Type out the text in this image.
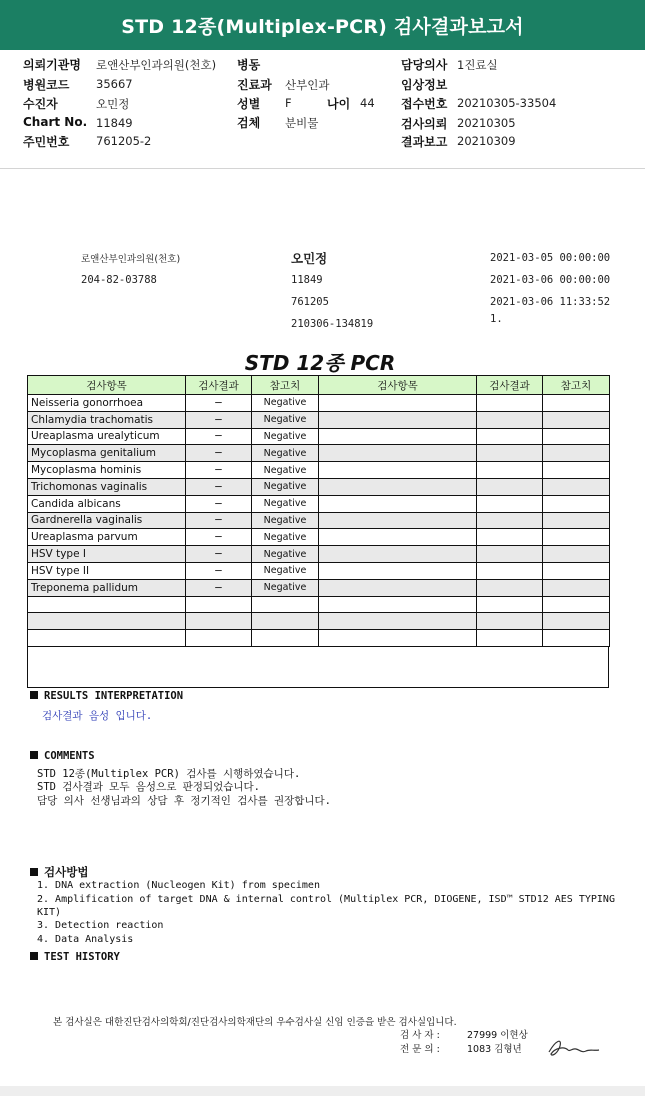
STD 12종(Multiplex-PCR) 검사결과보고서
의뢰기관명 로앤산부인과의원(천호)
병원코드 35667
수진자	오민정
Chart No. 11849
주민번호 761205-2
병동
진료과 산부인과
성별 F	나이 44
검체 분비물
담당의사 1진료실
임상정보
접수번호 20210305-33504
검사의뢰 20210305
결과보고 20210309
로앤산부인과의원(천호)
204-82-03788
오민정
11849
761205
210306-134819
2021-03-05 00:00:00
2021-03-06 00:00:00
2021-03-06 11:33:52
1.
STD 12종 PCR
검사항목	검사결과	참고치	검사항목	검사결과	참고치
Neisseria gonorrhoea	−	Negative			
Chlamydia trachomatis	−	Negative			
Ureaplasma urealyticum	−	Negative			
Mycoplasma genitalium	−	Negative			
Mycoplasma hominis	−	Negative			
Trichomonas vaginalis	−	Negative			
Candida albicans	−	Negative			
Gardnerella vaginalis	−	Negative			
Ureaplasma parvum	−	Negative			
HSV type I	−	Negative			
HSV type II	−	Negative			
Treponema pallidum	−	Negative			

RESULTS INTERPRETATION
검사결과 음성 입니다.
COMMENTS
STD 12종(Multiplex PCR) 검사를 시행하였습니다.
STD 검사결과 모두 음성으로 판정되었습니다.
담당 의사 선생님과의 상담 후 정기적인 검사를 권장합니다.
검사방법
1. DNA extraction (Nucleogen Kit) from specimen
2. Amplification of target DNA & internal control (Multiplex PCR, DIOGENE, ISD™ STD12 AES TYPING
KIT)
3. Detection reaction
4. Data Analysis
TEST HISTORY
본 검사실은 대한진단검사의학회/진단검사의학재단의 우수검사실 신임 인증을 받은 검사실입니다.
검 사 자 :	27999 이현상
전 문 의 :	1083 김형년
